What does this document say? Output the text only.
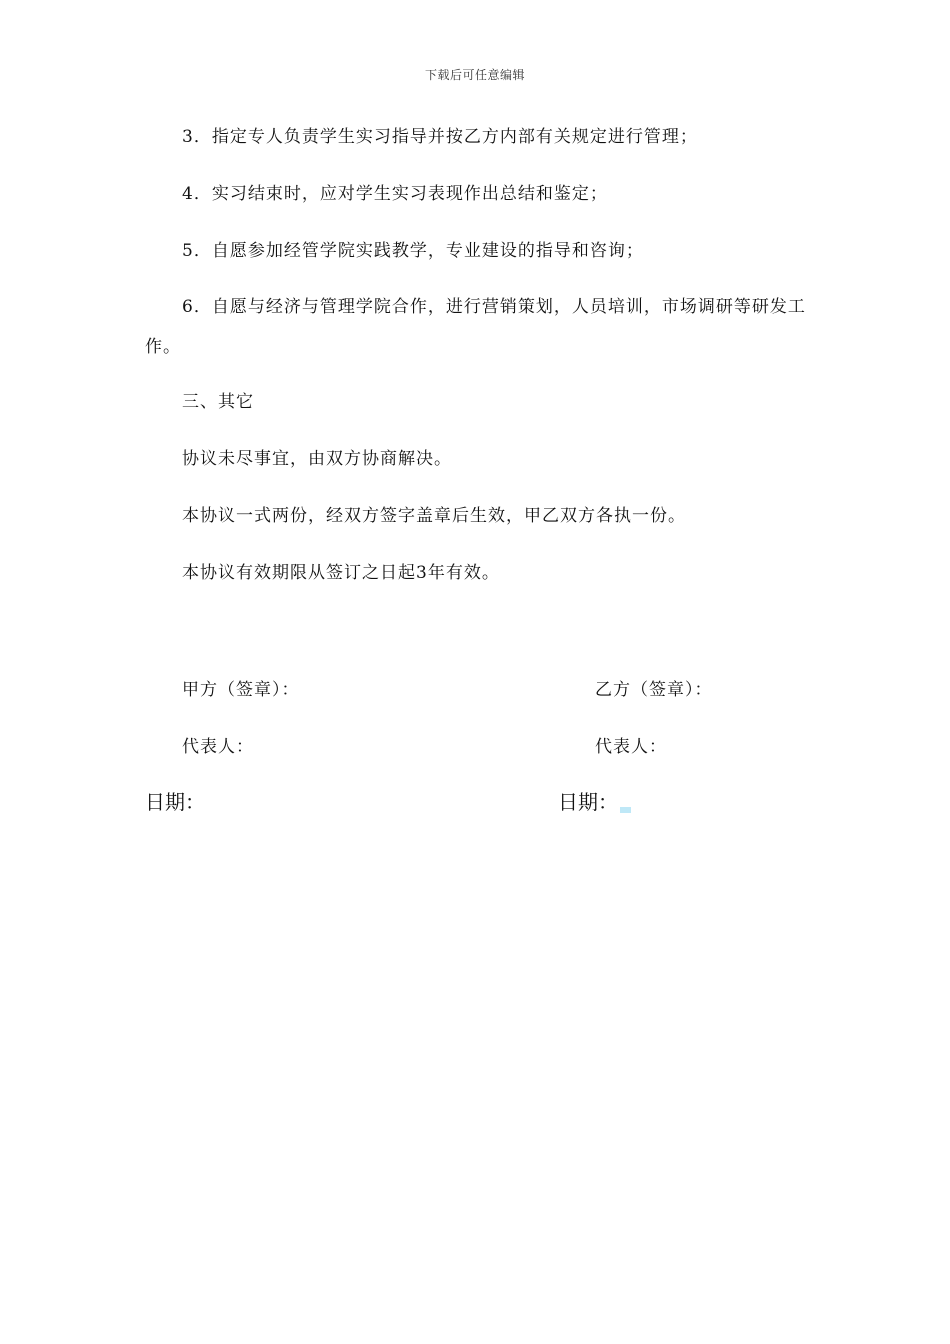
下载后可任意编辑
3．指定专人负责学生实习指导并按乙方内部有关规定进行管理；
4．实习结束时，应对学生实习表现作出总结和鉴定；
5．自愿参加经管学院实践教学，专业建设的指导和咨询；
6．自愿与经济与管理学院合作，进行营销策划，人员培训，市场调研等研发工作。
三、其它
协议未尽事宜，由双方协商解决。
本协议一式两份，经双方签字盖章后生效，甲乙双方各执一份。
本协议有效期限从签订之日起3年有效。
甲方（签章）：	乙方（签章）：
代表人：	代表人：
日期：	日期：
